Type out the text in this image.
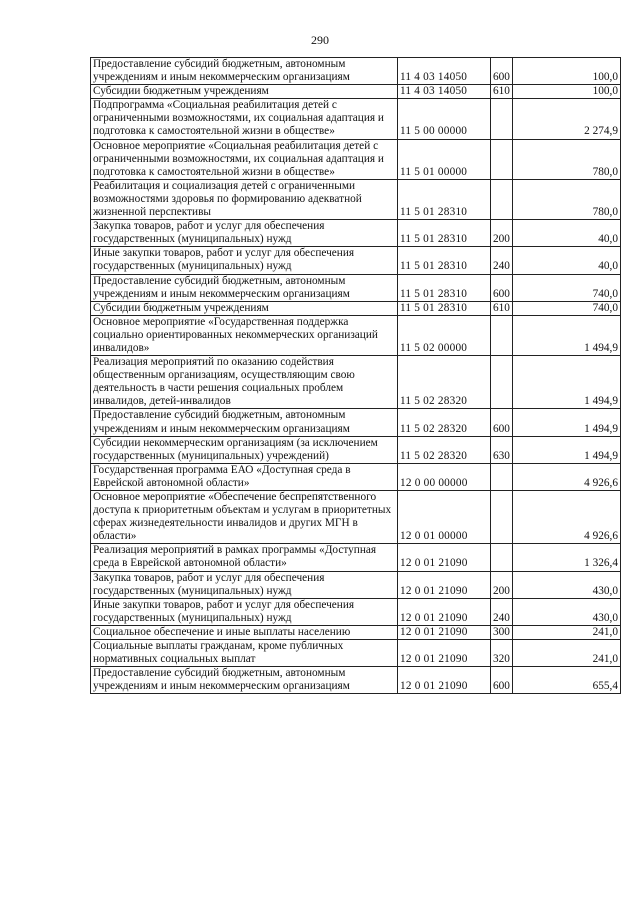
290
Предоставление субсидий бюджетным, автономным учреждениям и иным некоммерческим организациям	11 4 03 14050	600	100,0
Субсидии бюджетным учреждениям	11 4 03 14050	610	100,0
Подпрограмма «Социальная реабилитация детей с ограниченными возможностями, их социальная адаптация и подготовка к самостоятельной жизни в обществе»	11 5 00 00000		2 274,9
Основное мероприятие «Социальная реабилитация детей с ограниченными возможностями, их социальная адаптация и подготовка к самостоятельной жизни в обществе»	11 5 01 00000		780,0
Реабилитация и социализация детей с ограниченными возможностями здоровья по формированию адекватной жизненной перспективы	11 5 01 28310		780,0
Закупка товаров, работ и услуг для обеспечения государственных (муниципальных) нужд	11 5 01 28310	200	40,0
Иные закупки товаров, работ и услуг для обеспечения государственных (муниципальных) нужд	11 5 01 28310	240	40,0
Предоставление субсидий бюджетным, автономным учреждениям и иным некоммерческим организациям	11 5 01 28310	600	740,0
Субсидии бюджетным учреждениям	11 5 01 28310	610	740,0
Основное мероприятие «Государственная поддержка социально ориентированных некоммерческих организаций инвалидов»	11 5 02 00000		1 494,9
Реализация мероприятий по оказанию содействия общественным организациям, осуществляющим свою деятельность в части решения социальных проблем инвалидов, детей-инвалидов	11 5 02 28320		1 494,9
Предоставление субсидий бюджетным, автономным учреждениям и иным некоммерческим организациям	11 5 02 28320	600	1 494,9
Субсидии некоммерческим организациям (за исключением государственных (муниципальных) учреждений)	11 5 02 28320	630	1 494,9
Государственная программа ЕАО «Доступная среда в Еврейской автономной области»	12 0 00 00000		4 926,6
Основное мероприятие «Обеспечение беспрепятственного доступа к приоритетным объектам и услугам в приоритетных сферах жизнедеятельности инвалидов и других МГН в области»	12 0 01 00000		4 926,6
Реализация мероприятий в рамках программы «Доступная среда в Еврейской автономной области»	12 0 01 21090		1 326,4
Закупка товаров, работ и услуг для обеспечения государственных (муниципальных) нужд	12 0 01 21090	200	430,0
Иные закупки товаров, работ и услуг для обеспечения государственных (муниципальных) нужд	12 0 01 21090	240	430,0
Социальное обеспечение и иные выплаты населению	12 0 01 21090	300	241,0
Социальные выплаты гражданам, кроме публичных нормативных социальных выплат	12 0 01 21090	320	241,0
Предоставление субсидий бюджетным, автономным учреждениям и иным некоммерческим организациям	12 0 01 21090	600	655,4
